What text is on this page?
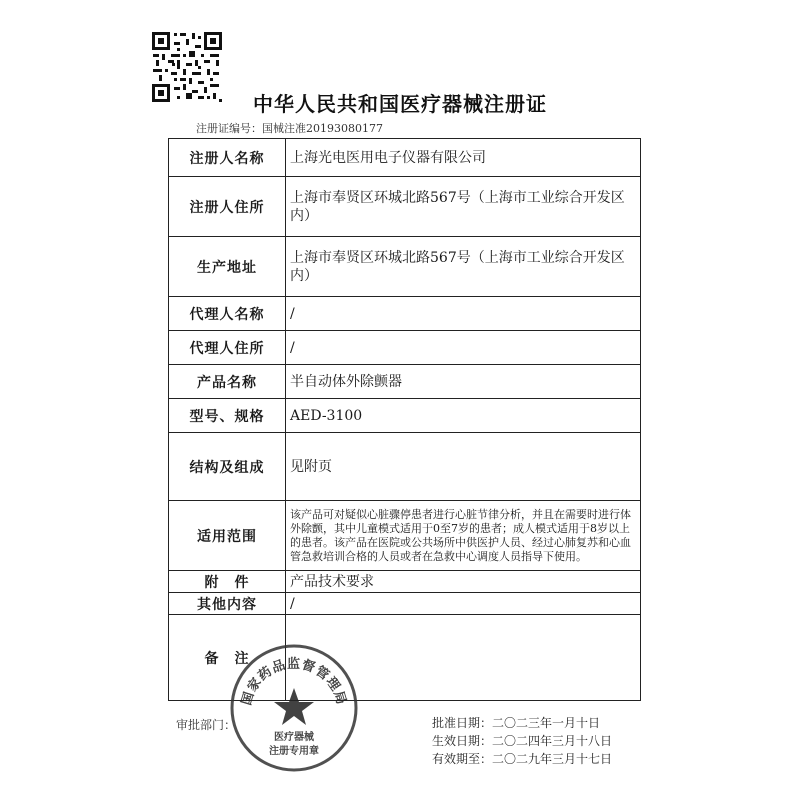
中华人民共和国医疗器械注册证
注册证编号：国械注准20193080177
注册人名称	上海光电医用电子仪器有限公司
注册人住所	上海市奉贤区环城北路567号（上海市工业综合开发区内）
生产地址	上海市奉贤区环城北路567号（上海市工业综合开发区内）
代理人名称	/
代理人住所	/
产品名称	半自动体外除颤器
型号、规格	AED-3100
结构及组成	见附页
适用范围	该产品可对疑似心脏骤停患者进行心脏节律分析，并且在需要时进行体外除颤，其中儿童模式适用于0至7岁的患者；成人模式适用于8岁以上的患者。该产品在医院或公共场所中供医护人员、经过心肺复苏和心血管急救培训合格的人员或者在急救中心调度人员指导下使用。
附　件	产品技术要求
其他内容	/
备　注	
审批部门：	批准日期：二〇二三年一月十日
生效日期：二〇二四年三月十八日
有效期至：二〇二九年三月十七日
国家药品监督管理局
医疗器械
注册专用章
